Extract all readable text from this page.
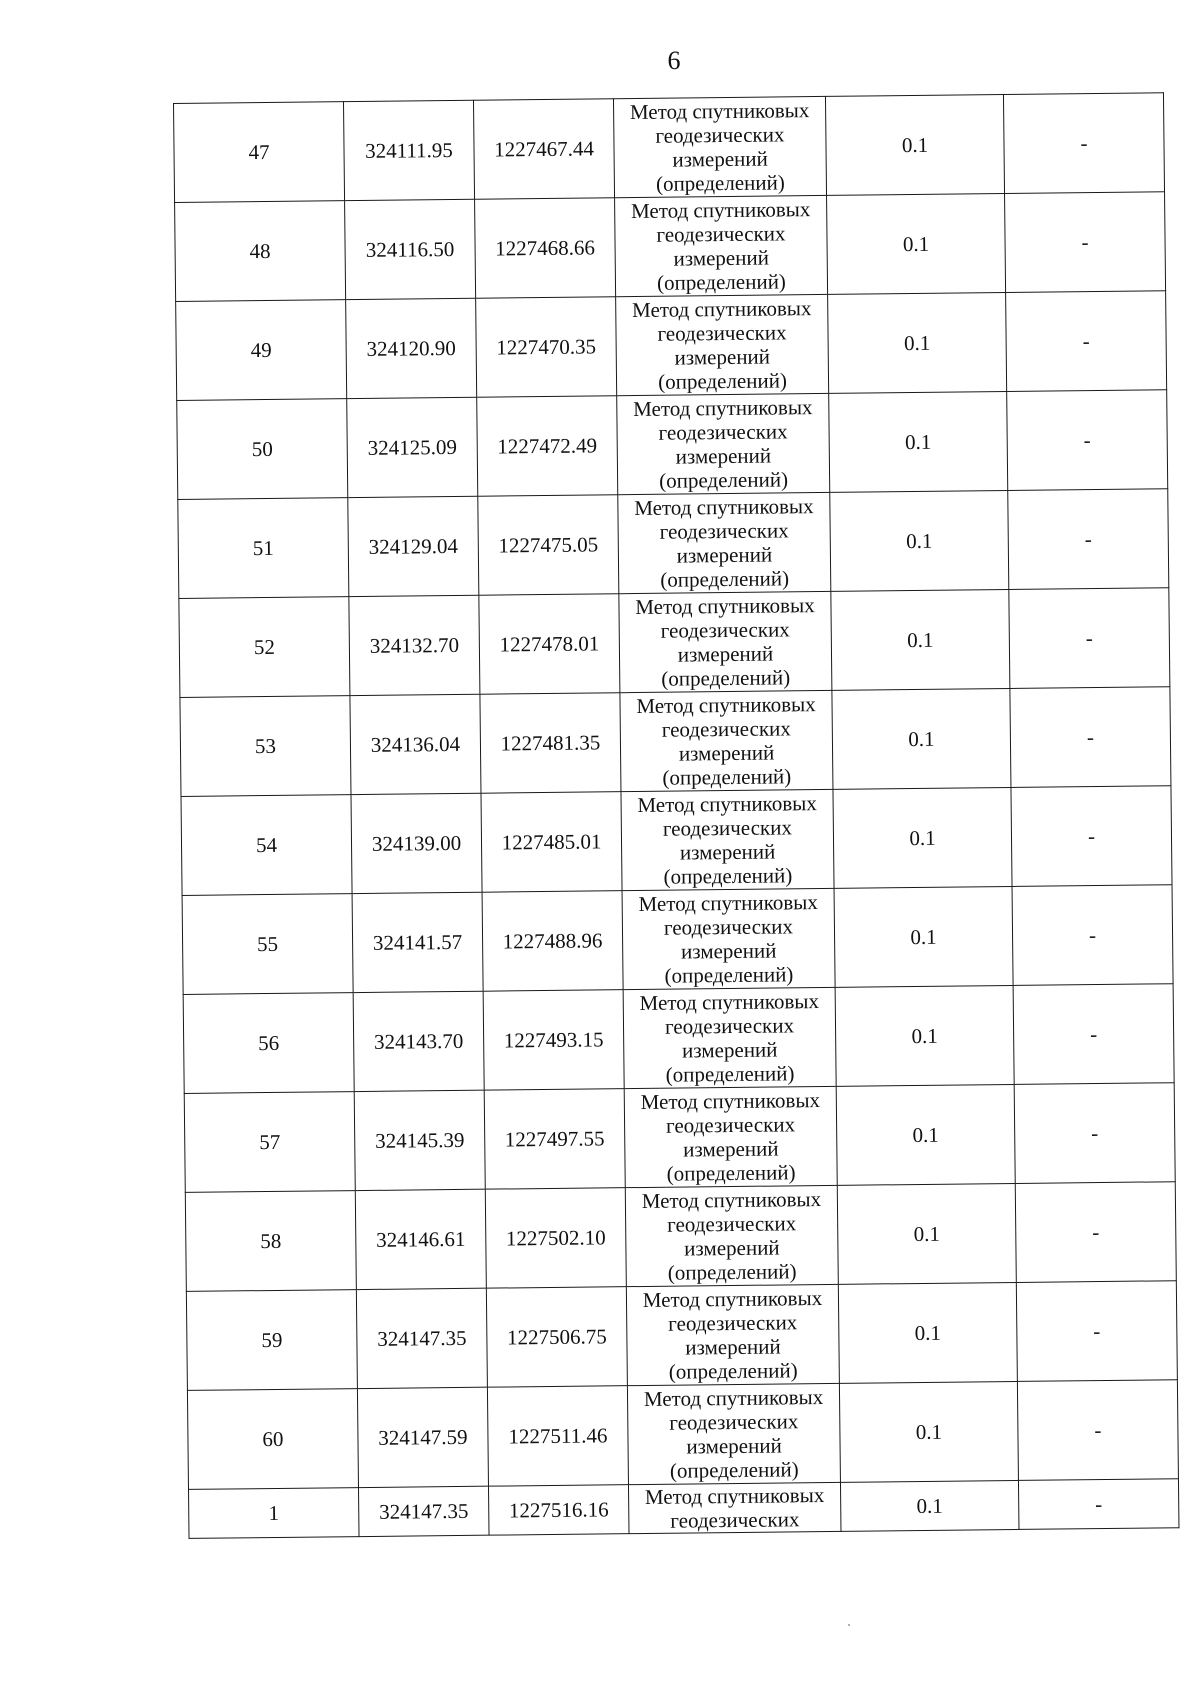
6
47	324111.95	1227467.44	Метод спутниковых
геодезических
измерений
(определений)	0.1	-
48	324116.50	1227468.66	Метод спутниковых
геодезических
измерений
(определений)	0.1	-
49	324120.90	1227470.35	Метод спутниковых
геодезических
измерений
(определений)	0.1	-
50	324125.09	1227472.49	Метод спутниковых
геодезических
измерений
(определений)	0.1	-
51	324129.04	1227475.05	Метод спутниковых
геодезических
измерений
(определений)	0.1	-
52	324132.70	1227478.01	Метод спутниковых
геодезических
измерений
(определений)	0.1	-
53	324136.04	1227481.35	Метод спутниковых
геодезических
измерений
(определений)	0.1	-
54	324139.00	1227485.01	Метод спутниковых
геодезических
измерений
(определений)	0.1	-
55	324141.57	1227488.96	Метод спутниковых
геодезических
измерений
(определений)	0.1	-
56	324143.70	1227493.15	Метод спутниковых
геодезических
измерений
(определений)	0.1	-
57	324145.39	1227497.55	Метод спутниковых
геодезических
измерений
(определений)	0.1	-
58	324146.61	1227502.10	Метод спутниковых
геодезических
измерений
(определений)	0.1	-
59	324147.35	1227506.75	Метод спутниковых
геодезических
измерений
(определений)	0.1	-
60	324147.59	1227511.46	Метод спутниковых
геодезических
измерений
(определений)	0.1	-
1	324147.35	1227516.16	Метод спутниковых
геодезических	0.1	-
